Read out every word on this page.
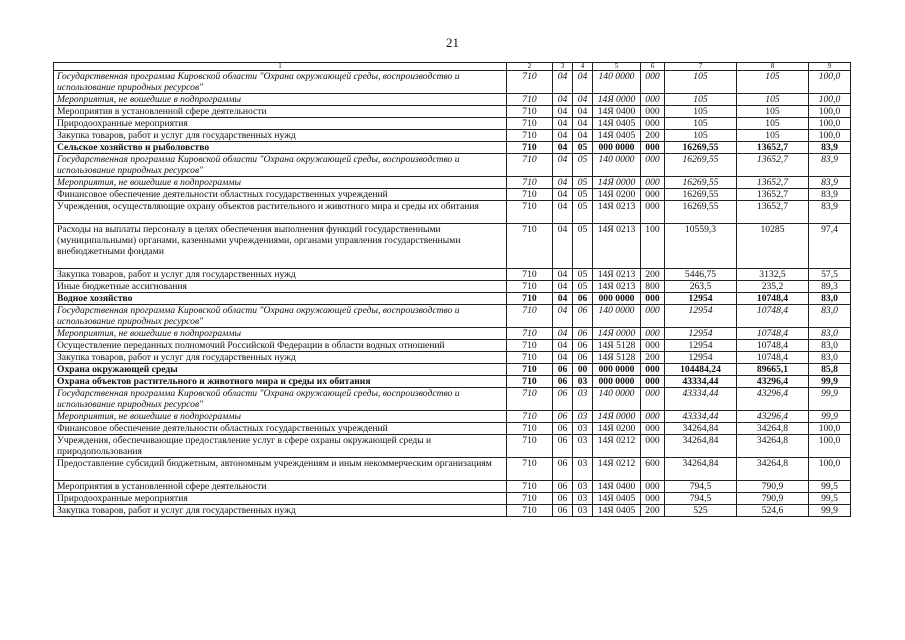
21
1	2	3	4	5	6	7	8	9
Государственная программа Кировской области "Охрана окружающей среды, воспроизводство и использование природных ресурсов"	710	04	04	140 0000	000	105	105	100,0
Мероприятия, не вошедшие в подпрограммы	710	04	04	14Я 0000	000	105	105	100,0
Мероприятия в установленной сфере деятельности	710	04	04	14Я 0400	000	105	105	100,0
Природоохранные мероприятия	710	04	04	14Я 0405	000	105	105	100,0
Закупка товаров, работ и услуг для государственных нужд	710	04	04	14Я 0405	200	105	105	100,0
Сельское хозяйство и рыболовство	710	04	05	000 0000	000	16269,55	13652,7	83,9
Государственная программа Кировской области "Охрана окружающей среды, воспроизводство и использование природных ресурсов"	710	04	05	140 0000	000	16269,55	13652,7	83,9
Мероприятия, не вошедшие в подпрограммы	710	04	05	14Я 0000	000	16269,55	13652,7	83,9
Финансовое обеспечение деятельности областных государственных учреждений	710	04	05	14Я 0200	000	16269,55	13652,7	83,9
Учреждения, осуществляющие охрану объектов растительного и животного мира и среды их обитания	710	04	05	14Я 0213	000	16269,55	13652,7	83,9
Расходы на выплаты персоналу в целях обеспечения выполнения функций государственными (муниципальными) органами, казенными учреждениями, органами управления государственными внебюджетными фондами	710	04	05	14Я 0213	100	10559,3	10285	97,4
Закупка товаров, работ и услуг для государственных нужд	710	04	05	14Я 0213	200	5446,75	3132,5	57,5
Иные бюджетные ассигнования	710	04	05	14Я 0213	800	263,5	235,2	89,3
Водное хозяйство	710	04	06	000 0000	000	12954	10748,4	83,0
Государственная программа Кировской области "Охрана окружающей среды, воспроизводство и использование природных ресурсов"	710	04	06	140 0000	000	12954	10748,4	83,0
Мероприятия, не вошедшие в подпрограммы	710	04	06	14Я 0000	000	12954	10748,4	83,0
Осуществление переданных полномочий Российской Федерации в области водных отношений	710	04	06	14Я 5128	000	12954	10748,4	83,0
Закупка товаров, работ и услуг для государственных нужд	710	04	06	14Я 5128	200	12954	10748,4	83,0
Охрана окружающей среды	710	06	00	000 0000	000	104484,24	89665,1	85,8
Охрана объектов растительного и животного мира и среды их обитания	710	06	03	000 0000	000	43334,44	43296,4	99,9
Государственная программа Кировской области "Охрана окружающей среды, воспроизводство и использование природных ресурсов"	710	06	03	140 0000	000	43334,44	43296,4	99,9
Мероприятия, не вошедшие в подпрограммы	710	06	03	14Я 0000	000	43334,44	43296,4	99,9
Финансовое обеспечение деятельности областных государственных учреждений	710	06	03	14Я 0200	000	34264,84	34264,8	100,0
Учреждения, обеспечивающие предоставление услуг в сфере охраны окружающей среды и природопользования	710	06	03	14Я 0212	000	34264,84	34264,8	100,0
Предоставление субсидий бюджетным, автономным учреждениям и иным некоммерческим организациям	710	06	03	14Я 0212	600	34264,84	34264,8	100,0
Мероприятия в установленной сфере деятельности	710	06	03	14Я 0400	000	794,5	790,9	99,5
Природоохранные мероприятия	710	06	03	14Я 0405	000	794,5	790,9	99,5
Закупка товаров, работ и услуг для государственных нужд	710	06	03	14Я 0405	200	525	524,6	99,9
